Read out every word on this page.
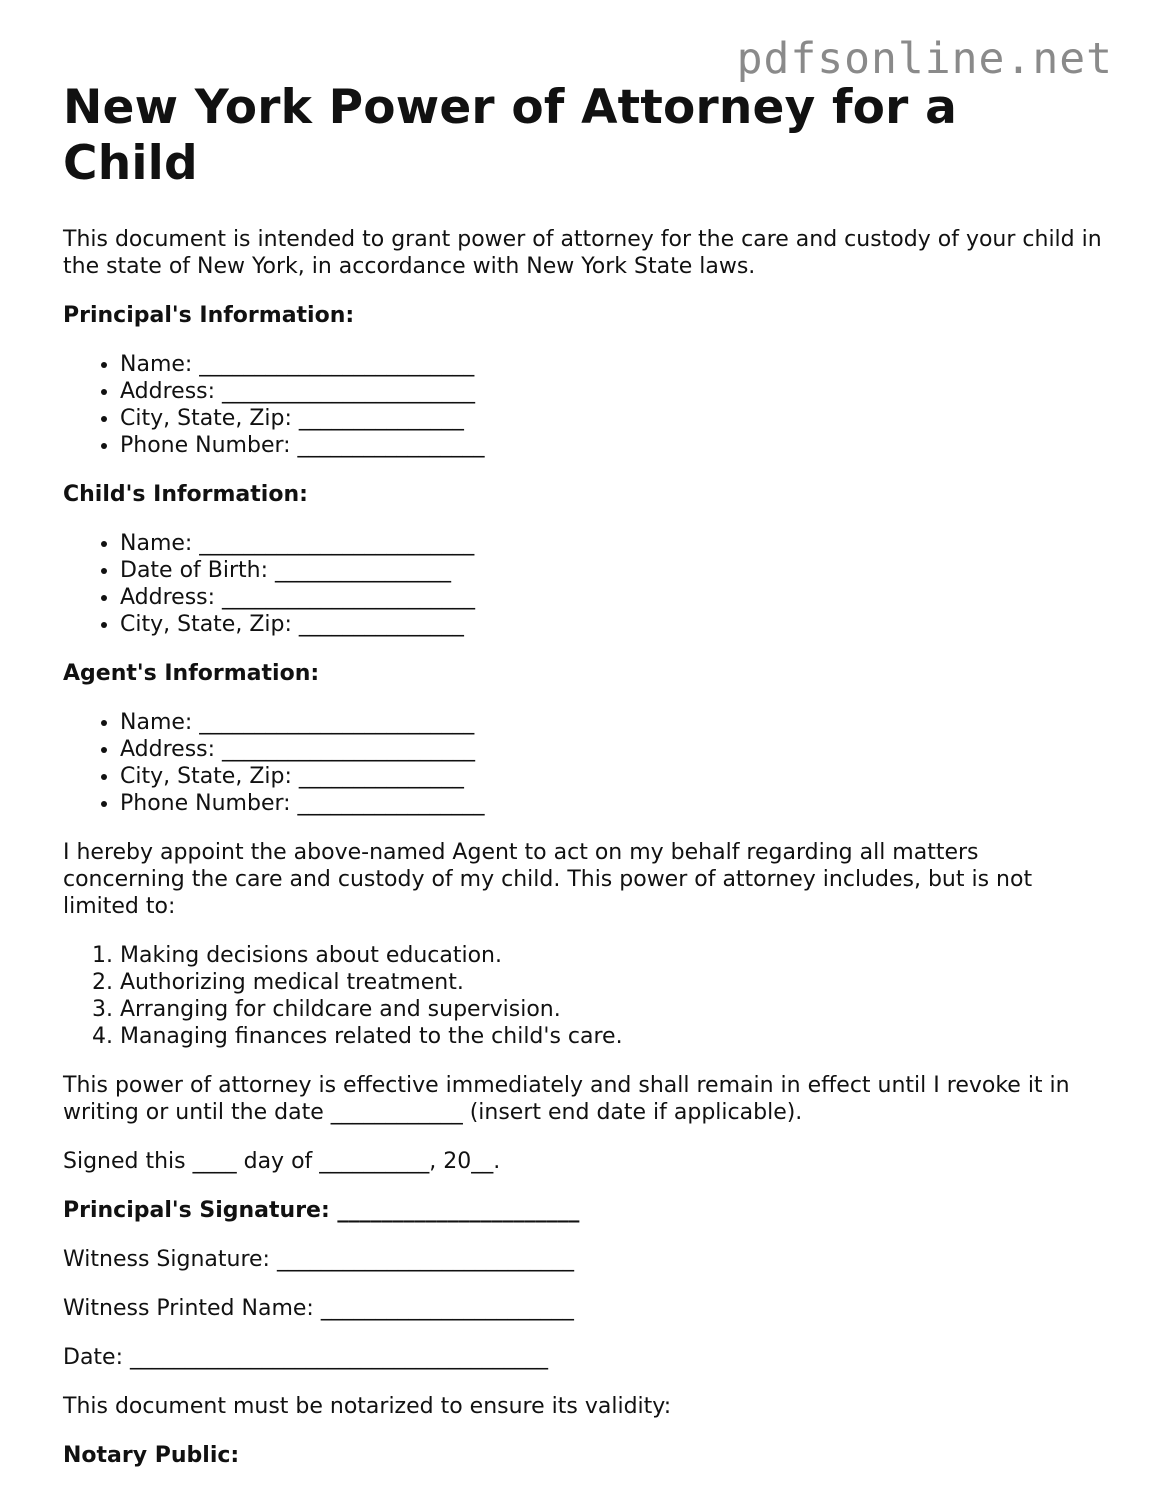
pdfsonline.net
New York Power of Attorney for a Child

This document is intended to grant power of attorney for the care and custody of your child in the state of New York, in accordance with New York State laws.

Principal's Information:

• Name: _________________________
• Address: _______________________
• City, State, Zip: _______________
• Phone Number: _________________

Child's Information:

• Name: _________________________
• Date of Birth: ________________
• Address: _______________________
• City, State, Zip: _______________

Agent's Information:

• Name: _________________________
• Address: _______________________
• City, State, Zip: _______________
• Phone Number: _________________

I hereby appoint the above-named Agent to act on my behalf regarding all matters concerning the care and custody of my child. This power of attorney includes, but is not limited to:

1. Making decisions about education.
2. Authorizing medical treatment.
3. Arranging for childcare and supervision.
4. Managing finances related to the child's care.

This power of attorney is effective immediately and shall remain in effect until I revoke it in writing or until the date ____________ (insert end date if applicable).

Signed this ____ day of __________, 20__.

Principal's Signature: ______________________

Witness Signature: ___________________________

Witness Printed Name: _______________________

Date: ______________________________________

This document must be notarized to ensure its validity:

Notary Public:
